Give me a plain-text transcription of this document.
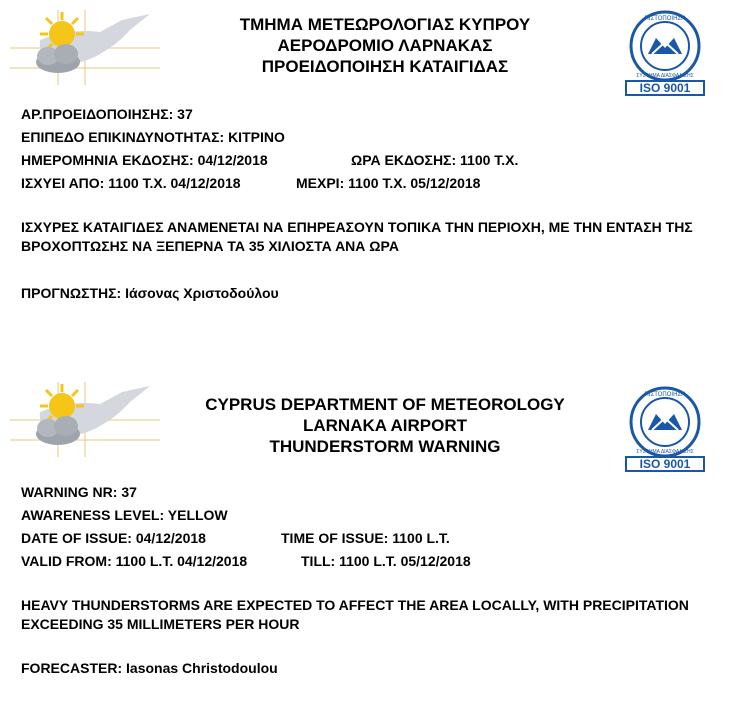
ΤΜΗΜΑ ΜΕΤΕΩΡΟΛΟΓΙΑΣ ΚΥΠΡΟΥ
ΑΕΡΟΔΡΟΜΙΟ ΛΑΡΝΑΚΑΣ
ΠΡΟΕΙΔΟΠΟΙΗΣΗ ΚΑΤΑΙΓΙΔΑΣ
ΠΙΣΤΟΠΟΙΗΣΗ
ΣΥΣΤΗΜΑ ΔΙΑΣΦΑΛΙΣΗΣ
ISO 9001
ΑΡ.ΠΡΟΕΙΔΟΠΟΙΗΣΗΣ: 37
ΕΠΙΠΕΔΟ ΕΠΙΚΙΝΔΥΝΟΤΗΤΑΣ: ΚΙΤΡΙΝΟ
ΗΜΕΡΟΜΗΝΙΑ ΕΚΔΟΣΗΣ: 04/12/2018	ΩΡΑ ΕΚΔΟΣΗΣ: 1100 Τ.Χ.
ΙΣΧΥΕΙ ΑΠΟ: 1100 Τ.Χ. 04/12/2018	ΜΕΧΡΙ: 1100 Τ.Χ. 05/12/2018
ΙΣΧΥΡΕΣ ΚΑΤΑΙΓΙΔΕΣ ΑΝΑΜΕΝΕΤΑΙ ΝΑ ΕΠΗΡΕΑΣΟΥΝ ΤΟΠΙΚΑ ΤΗΝ ΠΕΡΙΟΧΗ, ΜΕ ΤΗΝ ΕΝΤΑΣΗ ΤΗΣ ΒΡΟΧΟΠΤΩΣΗΣ ΝΑ ΞΕΠΕΡΝΑ ΤΑ 35 ΧΙΛΙΟΣΤΑ ΑΝΑ ΩΡΑ
ΠΡΟΓΝΩΣΤΗΣ: Ιάσονας Χριστοδούλου
CYPRUS DEPARTMENT OF METEOROLOGY
LARNAKA AIRPORT
THUNDERSTORM WARNING
ΠΙΣΤΟΠΟΙΗΣΗ
ΣΥΣΤΗΜΑ ΔΙΑΣΦΑΛΙΣΗΣ
ISO 9001
WARNING NR: 37
AWARENESS LEVEL: YELLOW
DATE OF ISSUE: 04/12/2018	TIME OF ISSUE: 1100 L.T.
VALID FROM: 1100 L.T. 04/12/2018	TILL: 1100 L.T. 05/12/2018
HEAVY THUNDERSTORMS ARE EXPECTED TO AFFECT THE AREA LOCALLY, WITH PRECIPITATION EXCEEDING 35 MILLIMETERS PER HOUR
FORECASTER: Iasonas Christodoulou
